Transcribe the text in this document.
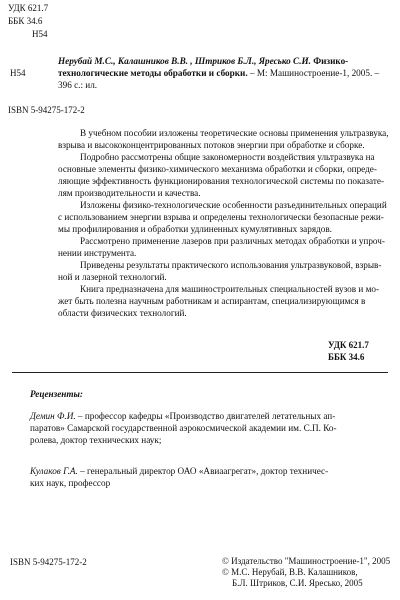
УДК 621.7
ББК 34.6
Н54
Н54
Нерубай М.С., Калашников В.В. , Штриков Б.Л., Яресько С.И. Физико-
технологические методы обработки и сборки. – М: Машиностроение-1, 2005. –
396 с.: ил.
ISBN 5-94275-172-2
В учебном пособии изложены теоретические основы применения ультразвука,
взрыва и высококонцентрированных потоков энергии при обработке и сборке.
Подробно рассмотрены общие закономерности воздействия ультразвука на
основные элементы физико-химического механизма обработки и сборки, опреде-
ляющие эффективность функционирования технологической системы по показате-
лям производительности и качества.
Изложены физико-технологические особенности разъединительных операций
с использованием энергии взрыва и определены технологически безопасные режи-
мы профилирования и обработки удлиненных кумулятивных зарядов.
Рассмотрено применение лазеров при различных методах обработки и упроч-
нении инструмента.
Приведены результаты практического использования ультразвуковой, взрыв-
ной и лазерной технологий.
Книга предназначена для машиностроительных специальностей вузов и мо-
жет быть полезна научным работникам и аспирантам, специализирующимся в
области физических технологий.
УДК 621.7
ББК 34.6
Рецензенты:
Демин Ф.И. – профессор кафедры «Производство двигателей летательных ап-
паратов» Самарской государственной аэрокосмической академии им. С.П. Ко-
ролева, доктор технических наук;
Кулаков Г.А. – генеральный директор ОАО «Авиаагрегат», доктор техничес-
ких наук, профессор
ISBN 5-94275-172-2	© Издательство "Машиностроение-1", 2005
© М.С. Нерубай, В.В. Калашников,
Б.Л. Штриков, С.И. Яресько, 2005
